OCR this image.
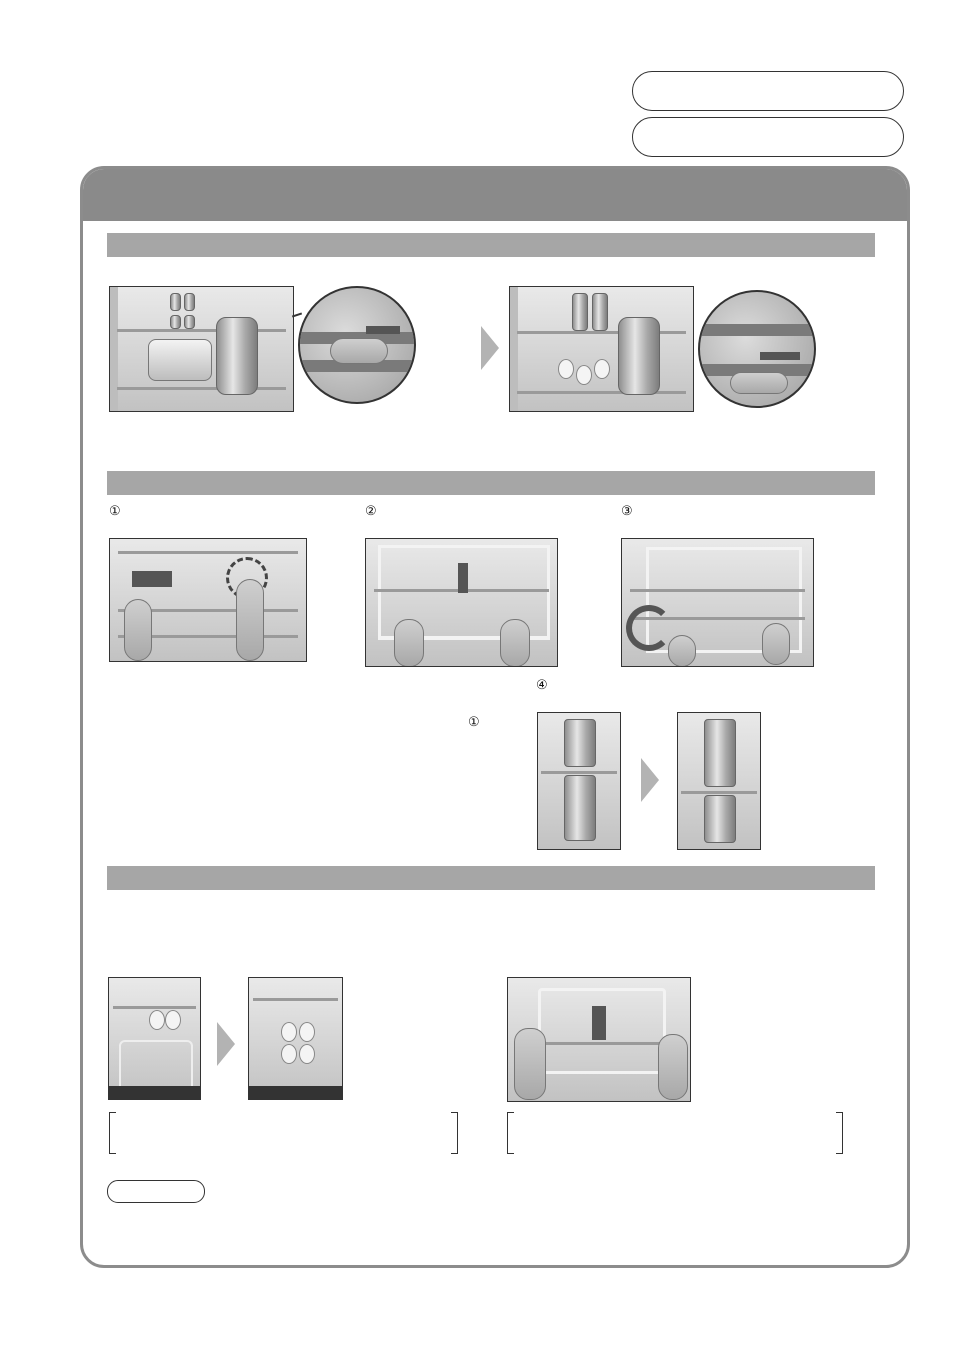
①	②	③
④
①
